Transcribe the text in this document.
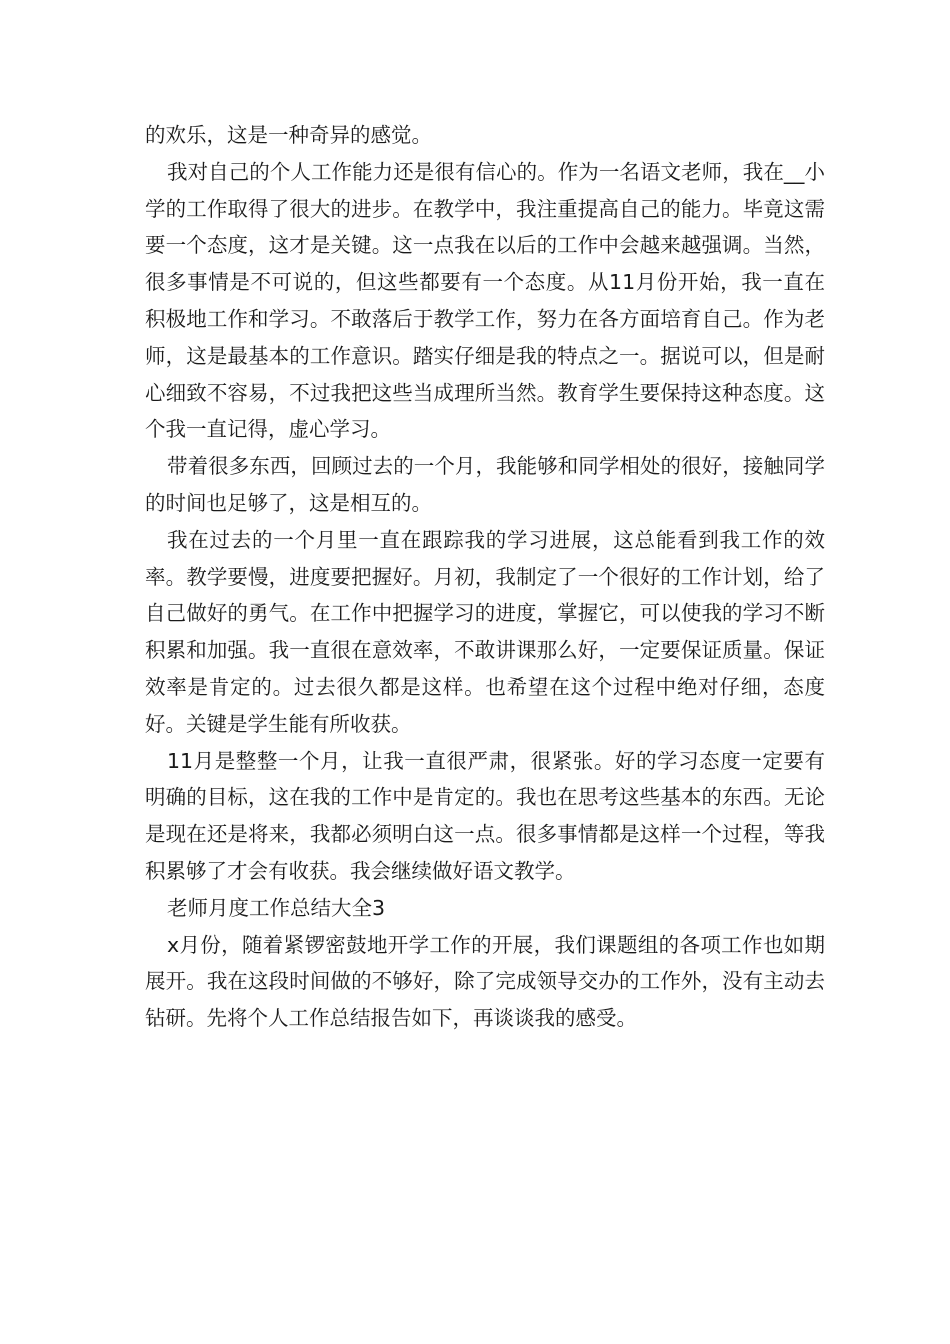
的欢乐，这是一种奇异的感觉。

我对自己的个人工作能力还是很有信心的。作为一名语文老师，我在__小学的工作取得了很大的进步。在教学中，我注重提高自己的能力。毕竟这需要一个态度，这才是关键。这一点我在以后的工作中会越来越强调。当然，很多事情是不可说的，但这些都要有一个态度。从11月份开始，我一直在积极地工作和学习。不敢落后于教学工作，努力在各方面培育自己。作为老师，这是最基本的工作意识。踏实仔细是我的特点之一。据说可以，但是耐心细致不容易，不过我把这些当成理所当然。教育学生要保持这种态度。这个我一直记得，虚心学习。

带着很多东西，回顾过去的一个月，我能够和同学相处的很好，接触同学的时间也足够了，这是相互的。

我在过去的一个月里一直在跟踪我的学习进展，这总能看到我工作的效率。教学要慢，进度要把握好。月初，我制定了一个很好的工作计划，给了自己做好的勇气。在工作中把握学习的进度，掌握它，可以使我的学习不断积累和加强。我一直很在意效率，不敢讲课那么好，一定要保证质量。保证效率是肯定的。过去很久都是这样。也希望在这个过程中绝对仔细，态度好。关键是学生能有所收获。

11月是整整一个月，让我一直很严肃，很紧张。好的学习态度一定要有明确的目标，这在我的工作中是肯定的。我也在思考这些基本的东西。无论是现在还是将来，我都必须明白这一点。很多事情都是这样一个过程，等我积累够了才会有收获。我会继续做好语文教学。

老师月度工作总结大全3

x月份，随着紧锣密鼓地开学工作的开展，我们课题组的各项工作也如期展开。我在这段时间做的不够好，除了完成领导交办的工作外，没有主动去钻研。先将个人工作总结报告如下，再谈谈我的感受。
